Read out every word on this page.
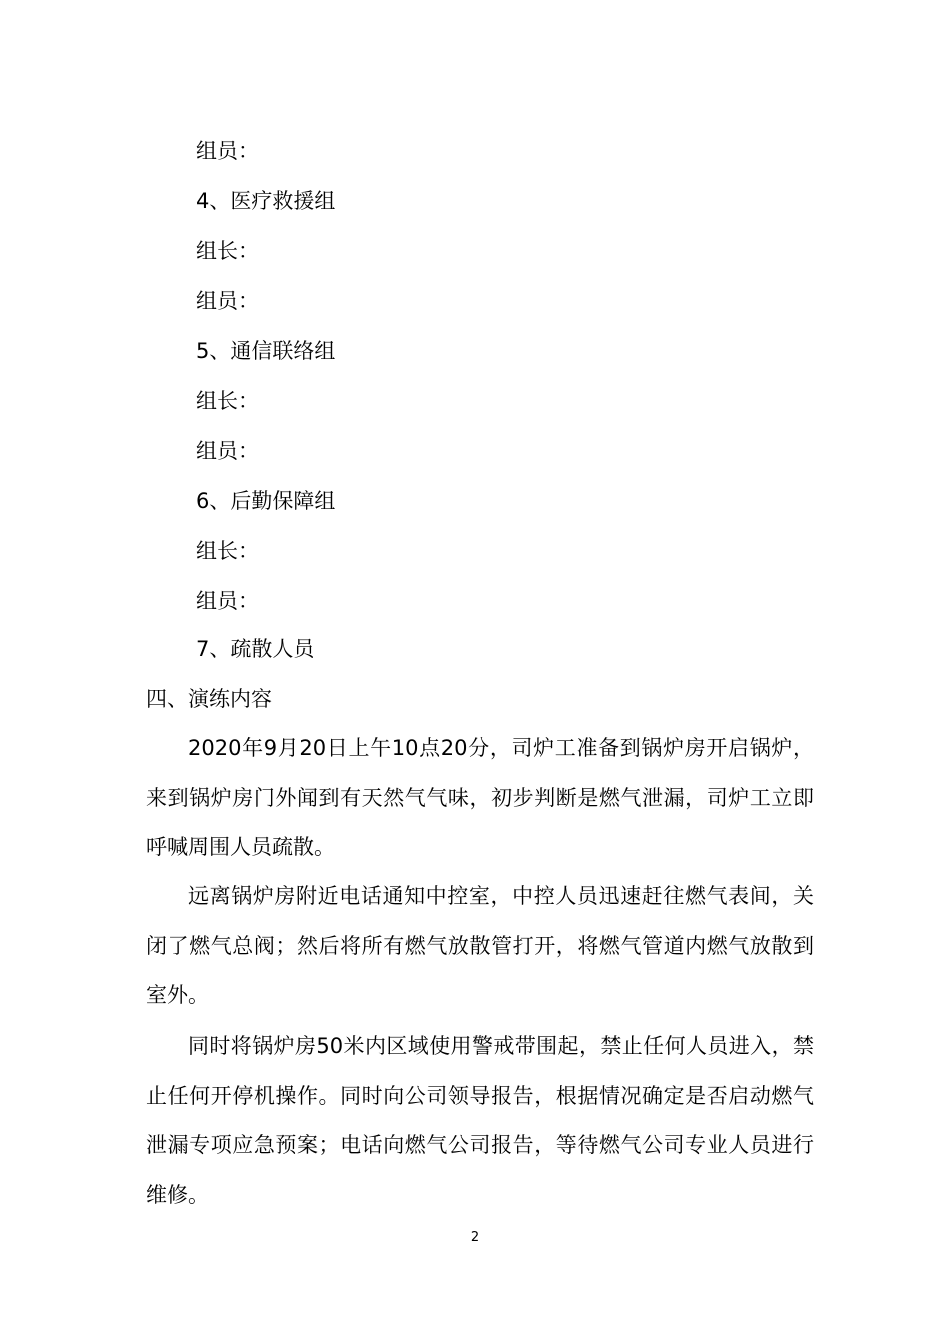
组员：
4、医疗救援组
组长：
组员：
5、通信联络组
组长：
组员：
6、后勤保障组
组长：
组员：
7、疏散人员
四、演练内容
2020年9月20日上午10点20分，司炉工准备到锅炉房开启锅炉，来到锅炉房门外闻到有天然气气味，初步判断是燃气泄漏，司炉工立即呼喊周围人员疏散。
远离锅炉房附近电话通知中控室，中控人员迅速赶往燃气表间，关闭了燃气总阀；然后将所有燃气放散管打开，将燃气管道内燃气放散到室外。
同时将锅炉房50米内区域使用警戒带围起，禁止任何人员进入，禁止任何开停机操作。同时向公司领导报告，根据情况确定是否启动燃气泄漏专项应急预案；电话向燃气公司报告，等待燃气公司专业人员进行维修。
2
